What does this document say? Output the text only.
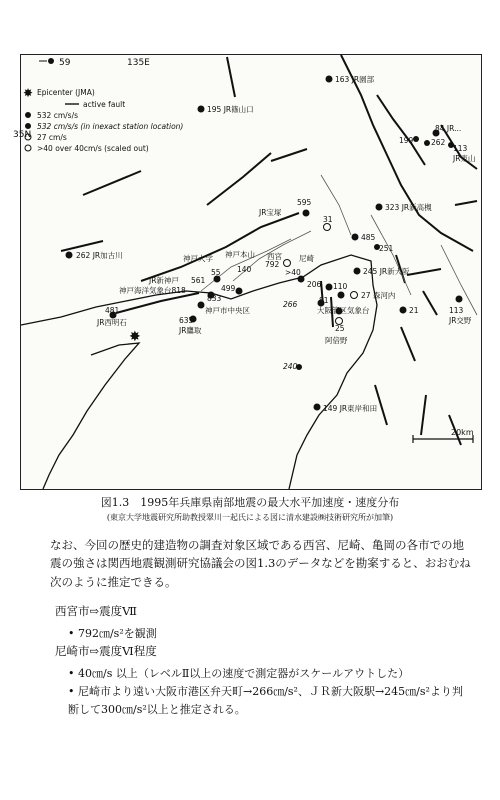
59	135E
35N
✸ Epicenter (JMA)
active fault
532 cm/s/s
532 cm/s/s (in inexact station location)
27 cm/s
>40 over 40cm/s (scaled out)
✸
163 JR園部
195 JR篠山口
84 JR...
199 262
113
JR東山
323 JR新高槻
JR宝塚
595
485
31
251
262 JR加古川	神戸大学 神戸本山 西宮 尼崎
245 JR新大阪
JR新神戸 561
55 140
792
>40
206 110
神戸海洋気象台818	499
833
266	81
27 森河内
大阪管区気象台	21	113
JR交野
481
JR西明石
神戸市中央区
635
JR鷹取	25
阿倍野
240
149 JR東岸和田
20km
図1.3　1995年兵庫県南部地震の最大水平加速度・速度分布
(東京大学地震研究所助教授翠川一起氏による図に清水建設㈱技術研究所が加筆)
なお、今回の歴史的建造物の調査対象区域である西宮、尼崎、亀岡の各市での地震の強さは関西地震観測研究協議会の図1.3のデータなどを勘案すると、おおむね次のように推定できる。
西宮市⇨震度Ⅶ
• 792㎝/s²を観測
尼崎市⇨震度Ⅵ程度
• 40㎝/s 以上（レベルⅡ以上の速度で測定器がスケールアウトした）
• 尼崎市より遠い大阪市港区弁天町→266㎝/s²、ＪＲ新大阪駅→245㎝/s²より判断して300㎝/s²以上と推定される。
